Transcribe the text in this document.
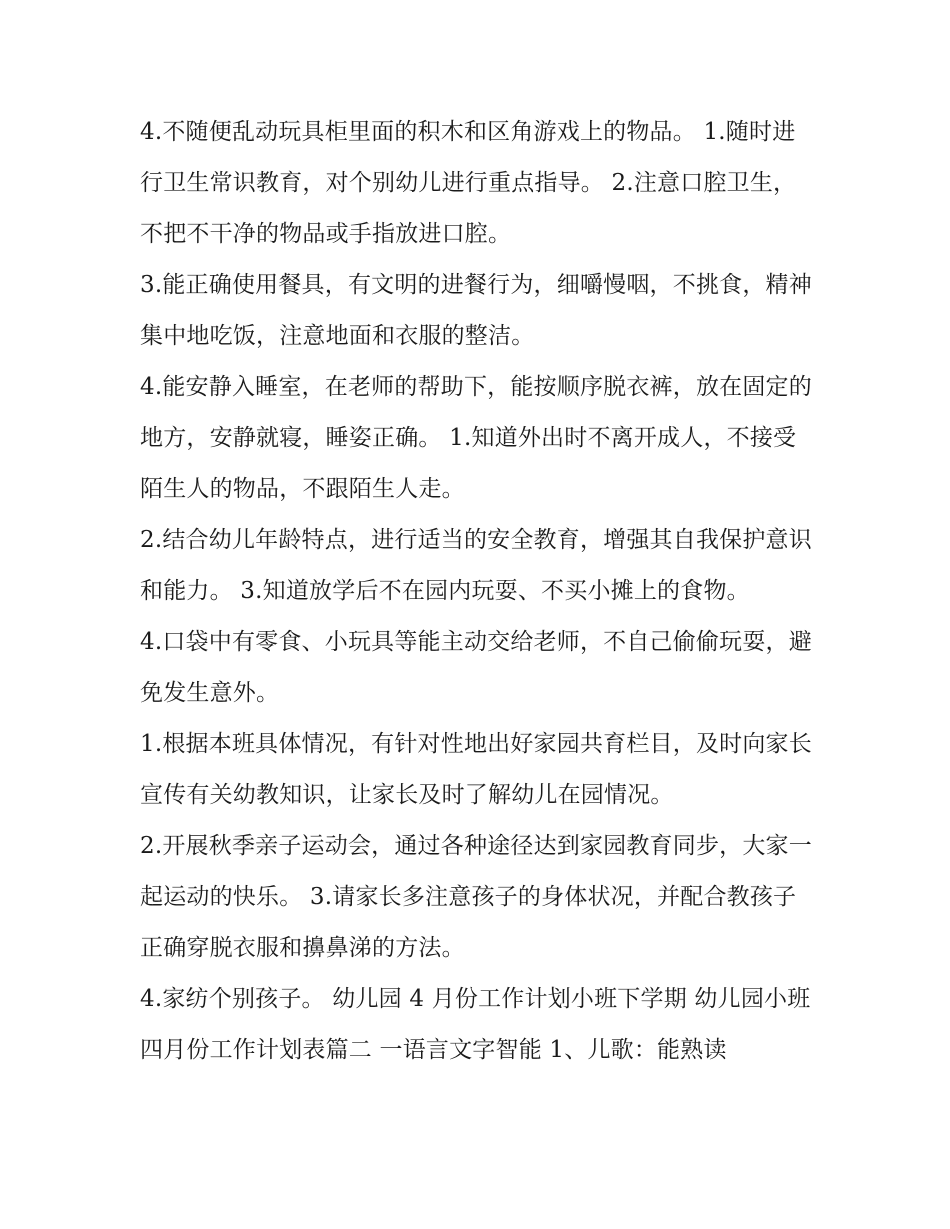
4.不随便乱动玩具柜里面的积木和区角游戏上的物品。 1.随时进行卫生常识教育，对个别幼儿进行重点指导。 2.注意口腔卫生，不把不干净的物品或手指放进口腔。

3.能正确使用餐具，有文明的进餐行为，细嚼慢咽，不挑食，精神集中地吃饭，注意地面和衣服的整洁。

4.能安静入睡室，在老师的帮助下，能按顺序脱衣裤，放在固定的地方，安静就寝，睡姿正确。 1.知道外出时不离开成人，不接受陌生人的物品，不跟陌生人走。

2.结合幼儿年龄特点，进行适当的安全教育，增强其自我保护意识和能力。 3.知道放学后不在园内玩耍、不买小摊上的食物。

4.口袋中有零食、小玩具等能主动交给老师，不自己偷偷玩耍，避免发生意外。

1.根据本班具体情况，有针对性地出好家园共育栏目，及时向家长宣传有关幼教知识，让家长及时了解幼儿在园情况。

2.开展秋季亲子运动会，通过各种途径达到家园教育同步，大家一起运动的快乐。 3.请家长多注意孩子的身体状况，并配合教孩子正确穿脱衣服和擤鼻涕的方法。

4.家纺个别孩子。 幼儿园 4 月份工作计划小班下学期 幼儿园小班四月份工作计划表篇二 一语言文字智能 1、儿歌：能熟读
